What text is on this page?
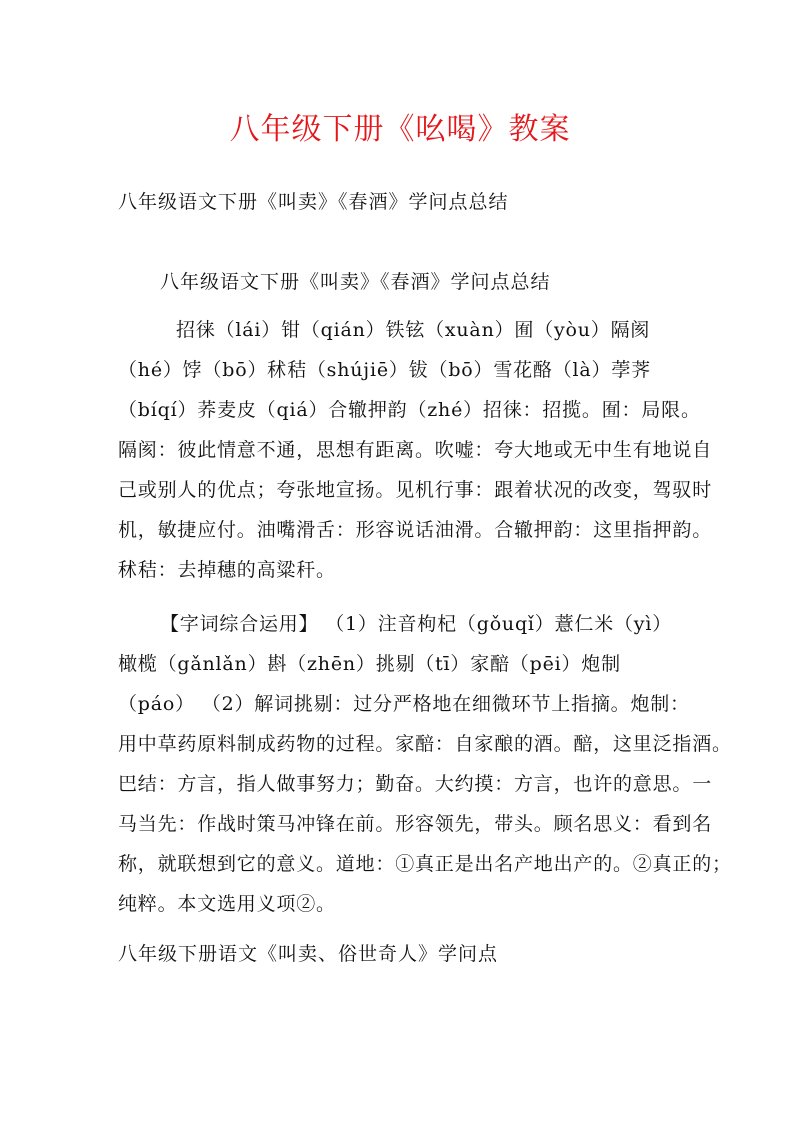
八年级下册《吆喝》教案
八年级语文下册《叫卖》《春酒》学问点总结
八年级语文下册《叫卖》《春酒》学问点总结
招徕（lái）钳（qián）铁铉（xuàn）囿（yòu）隔阂
（hé）饽（bō）秫秸（shújiē）钹（bō）雪花酪（là）荸荠
（bíqí）荞麦皮（qiá）合辙押韵（zhé）招徕：招揽。囿：局限。
隔阂：彼此情意不通，思想有距离。吹嘘：夸大地或无中生有地说自
己或别人的优点；夸张地宣扬。见机行事：跟着状况的改变，驾驭时
机，敏捷应付。油嘴滑舌：形容说话油滑。合辙押韵：这里指押韵。
秫秸：去掉穗的高粱秆。
【字词综合运用】 （1）注音枸杞（gǒuqǐ）薏仁米（yì）
橄榄（gǎnlǎn）斟（zhēn）挑剔（tī）家醅（pēi）炮制
（páo） （2）解词挑剔：过分严格地在细微环节上指摘。炮制：
用中草药原料制成药物的过程。家醅：自家酿的酒。醅，这里泛指酒。
巴结：方言，指人做事努力；勤奋。大约摸：方言，也许的意思。一
马当先：作战时策马冲锋在前。形容领先，带头。顾名思义：看到名
称，就联想到它的意义。道地：①真正是出名产地出产的。②真正的；
纯粹。本文选用义项②。
八年级下册语文《叫卖、俗世奇人》学问点
